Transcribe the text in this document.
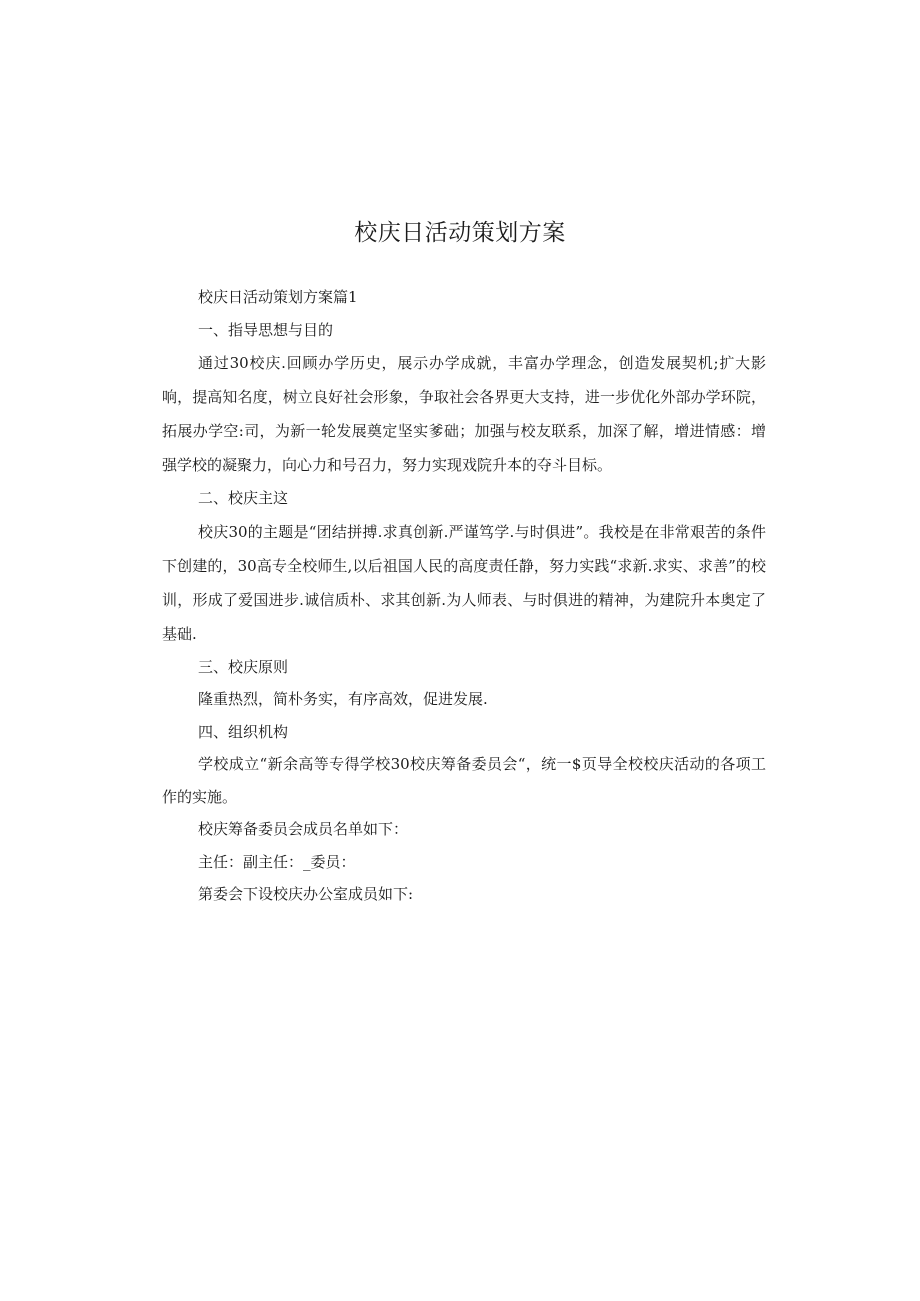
校庆日活动策划方案

校庆日活动策划方案篇1

一、指导思想与目的

通过30校庆.回顾办学历史，展示办学成就，丰富办学理念，创造发展契机;扩大影响，提高知名度，树立良好社会形象，争取社会各界更大支持，进一步优化外部办学环院，拓展办学空:司，为新一轮发展奠定坚实爹础；加强与校友联系，加深了解，增进情感：增强学校的凝聚力，向心力和号召力，努力实现戏院升本的夺斗目标。

二、校庆主这

校庆30的主题是“团结拼搏.求真创新.严谨笃学.与时俱进”。我校是在非常艰苦的条件下创建的，30高专全校师生,以后祖国人民的高度责任静，努力实践“求新.求实、求善”的校训，形成了爱国进步.诚信质朴、求其创新.为人师表、与时俱进的精神，为建院升本奥定了基础.

三、校庆原则

隆重热烈，简朴务实，有序高效，促进发展.

四、组织机构

学校成立“新余高等专得学校30校庆筹备委员会“，统一$页导全校校庆活动的各项工作的实施。

校庆筹备委员会成员名单如下：

主任：副主任：_委员：

第委会下设校庆办公室成员如下:
